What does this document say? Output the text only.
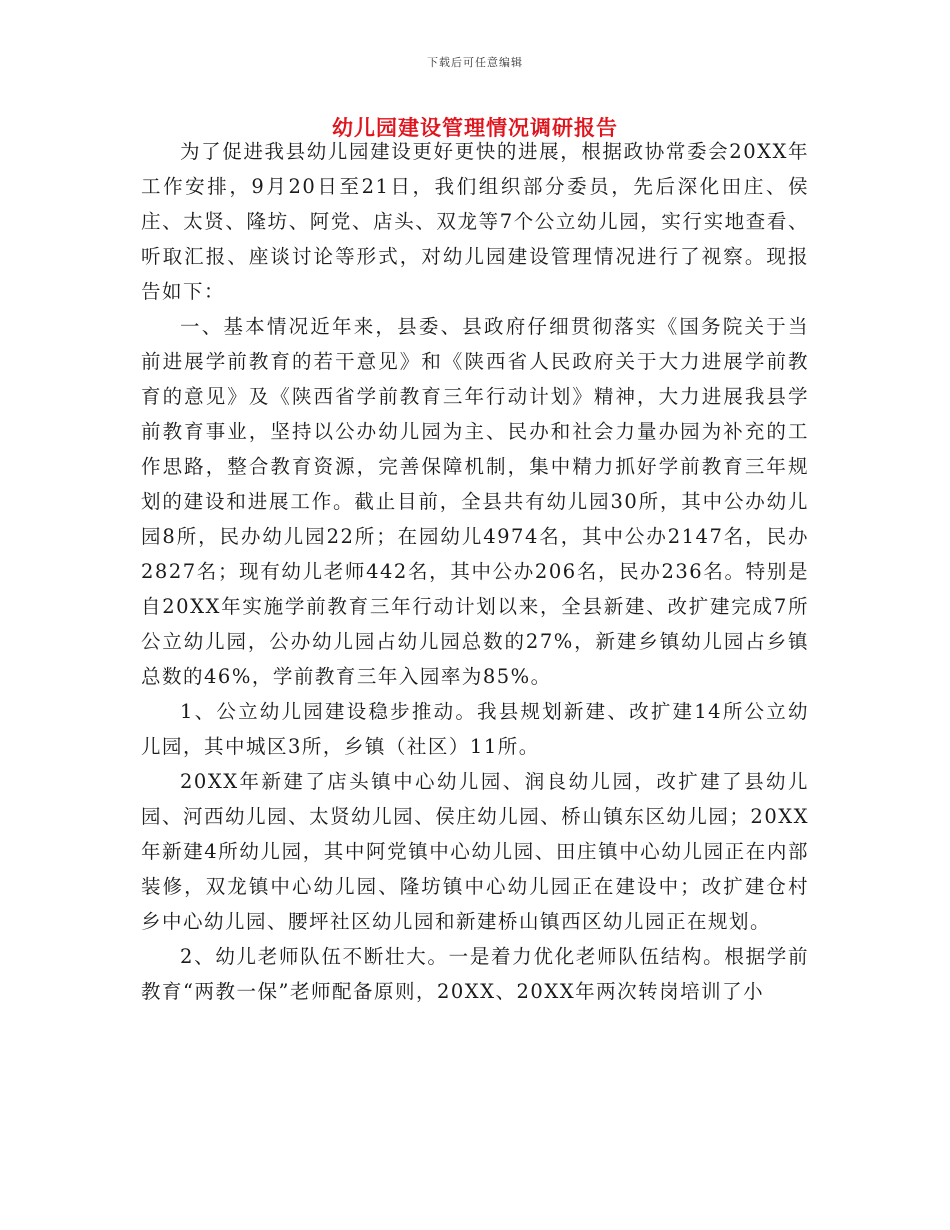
下载后可任意编辑
幼儿园建设管理情况调研报告

为了促进我县幼儿园建设更好更快的进展，根据政协常委会20XX年工作安排，9月20日至21日，我们组织部分委员，先后深化田庄、侯庄、太贤、隆坊、阿党、店头、双龙等7个公立幼儿园，实行实地查看、听取汇报、座谈讨论等形式，对幼儿园建设管理情况进行了视察。现报告如下：

一、基本情况近年来，县委、县政府仔细贯彻落实《国务院关于当前进展学前教育的若干意见》和《陕西省人民政府关于大力进展学前教育的意见》及《陕西省学前教育三年行动计划》精神，大力进展我县学前教育事业，坚持以公办幼儿园为主、民办和社会力量办园为补充的工作思路，整合教育资源，完善保障机制，集中精力抓好学前教育三年规划的建设和进展工作。截止目前，全县共有幼儿园30所，其中公办幼儿园8所，民办幼儿园22所；在园幼儿4974名，其中公办2147名，民办2827名；现有幼儿老师442名，其中公办206名，民办236名。特别是自20XX年实施学前教育三年行动计划以来，全县新建、改扩建完成7所公立幼儿园，公办幼儿园占幼儿园总数的27%，新建乡镇幼儿园占乡镇总数的46%，学前教育三年入园率为85%。

1、公立幼儿园建设稳步推动。我县规划新建、改扩建14所公立幼儿园，其中城区3所，乡镇（社区）11所。

20XX年新建了店头镇中心幼儿园、润良幼儿园，改扩建了县幼儿园、河西幼儿园、太贤幼儿园、侯庄幼儿园、桥山镇东区幼儿园；20XX年新建4所幼儿园，其中阿党镇中心幼儿园、田庄镇中心幼儿园正在内部装修，双龙镇中心幼儿园、隆坊镇中心幼儿园正在建设中；改扩建仓村乡中心幼儿园、腰坪社区幼儿园和新建桥山镇西区幼儿园正在规划。

2、幼儿老师队伍不断壮大。一是着力优化老师队伍结构。根据学前教育“两教一保”老师配备原则，20XX、20XX年两次转岗培训了小
